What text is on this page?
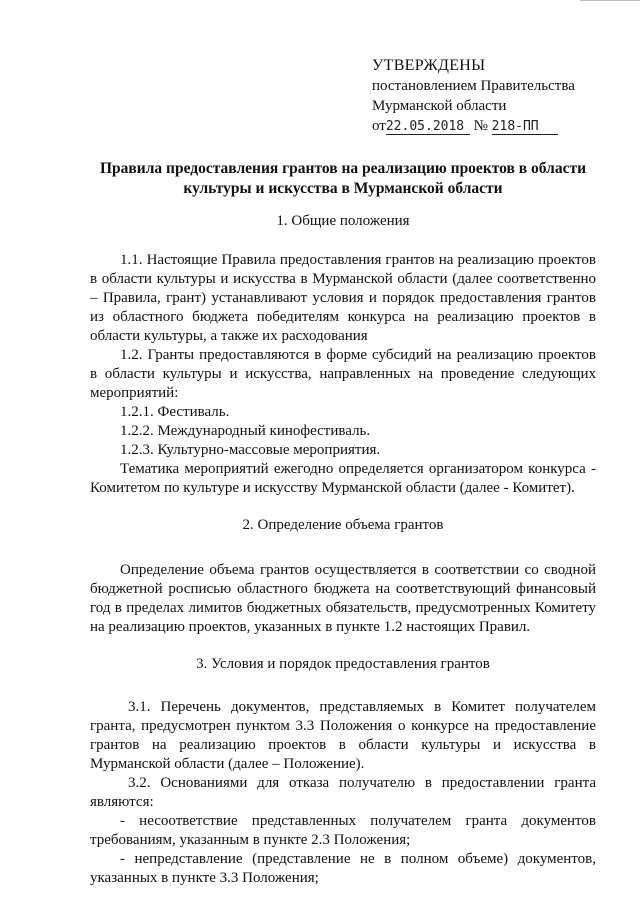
УТВЕРЖДЕНЫ
постановлением Правительства
Мурманской области
от22.05.2018 № 218-ПП
Правила предоставления грантов на реализацию проектов в области культуры и искусства в Мурманской области

1. Общие положения

1.1. Настоящие Правила предоставления грантов на реализацию проектов в области культуры и искусства в Мурманской области (далее соответственно – Правила, грант) устанавливают условия и порядок предоставления грантов из областного бюджета победителям конкурса на реализацию проектов в области культуры, а также их расходования

1.2. Гранты предоставляются в форме субсидий на реализацию проектов в области культуры и искусства, направленных на проведение следующих мероприятий:

1.2.1. Фестиваль.

1.2.2. Международный кинофестиваль.

1.2.3. Культурно-массовые мероприятия.

Тематика мероприятий ежегодно определяется организатором конкурса - Комитетом по культуре и искусству Мурманской области (далее - Комитет).

2. Определение объема грантов

Определение объема грантов осуществляется в соответствии со сводной бюджетной росписью областного бюджета на соответствующий финансовый год в пределах лимитов бюджетных обязательств, предусмотренных Комитету на реализацию проектов, указанных в пункте 1.2 настоящих Правил.

3. Условия и порядок предоставления грантов

3.1. Перечень документов, представляемых в Комитет получателем гранта, предусмотрен пунктом 3.3 Положения о конкурсе на предоставление грантов на реализацию проектов в области культуры и искусства в Мурманской области (далее – Положение).

3.2. Основаниями для отказа получателю в предоставлении гранта являются:

- несоответствие представленных получателем гранта документов требованиям, указанным в пункте 2.3 Положения;

- непредставление (представление не в полном объеме) документов, указанных в пункте 3.3 Положения;
